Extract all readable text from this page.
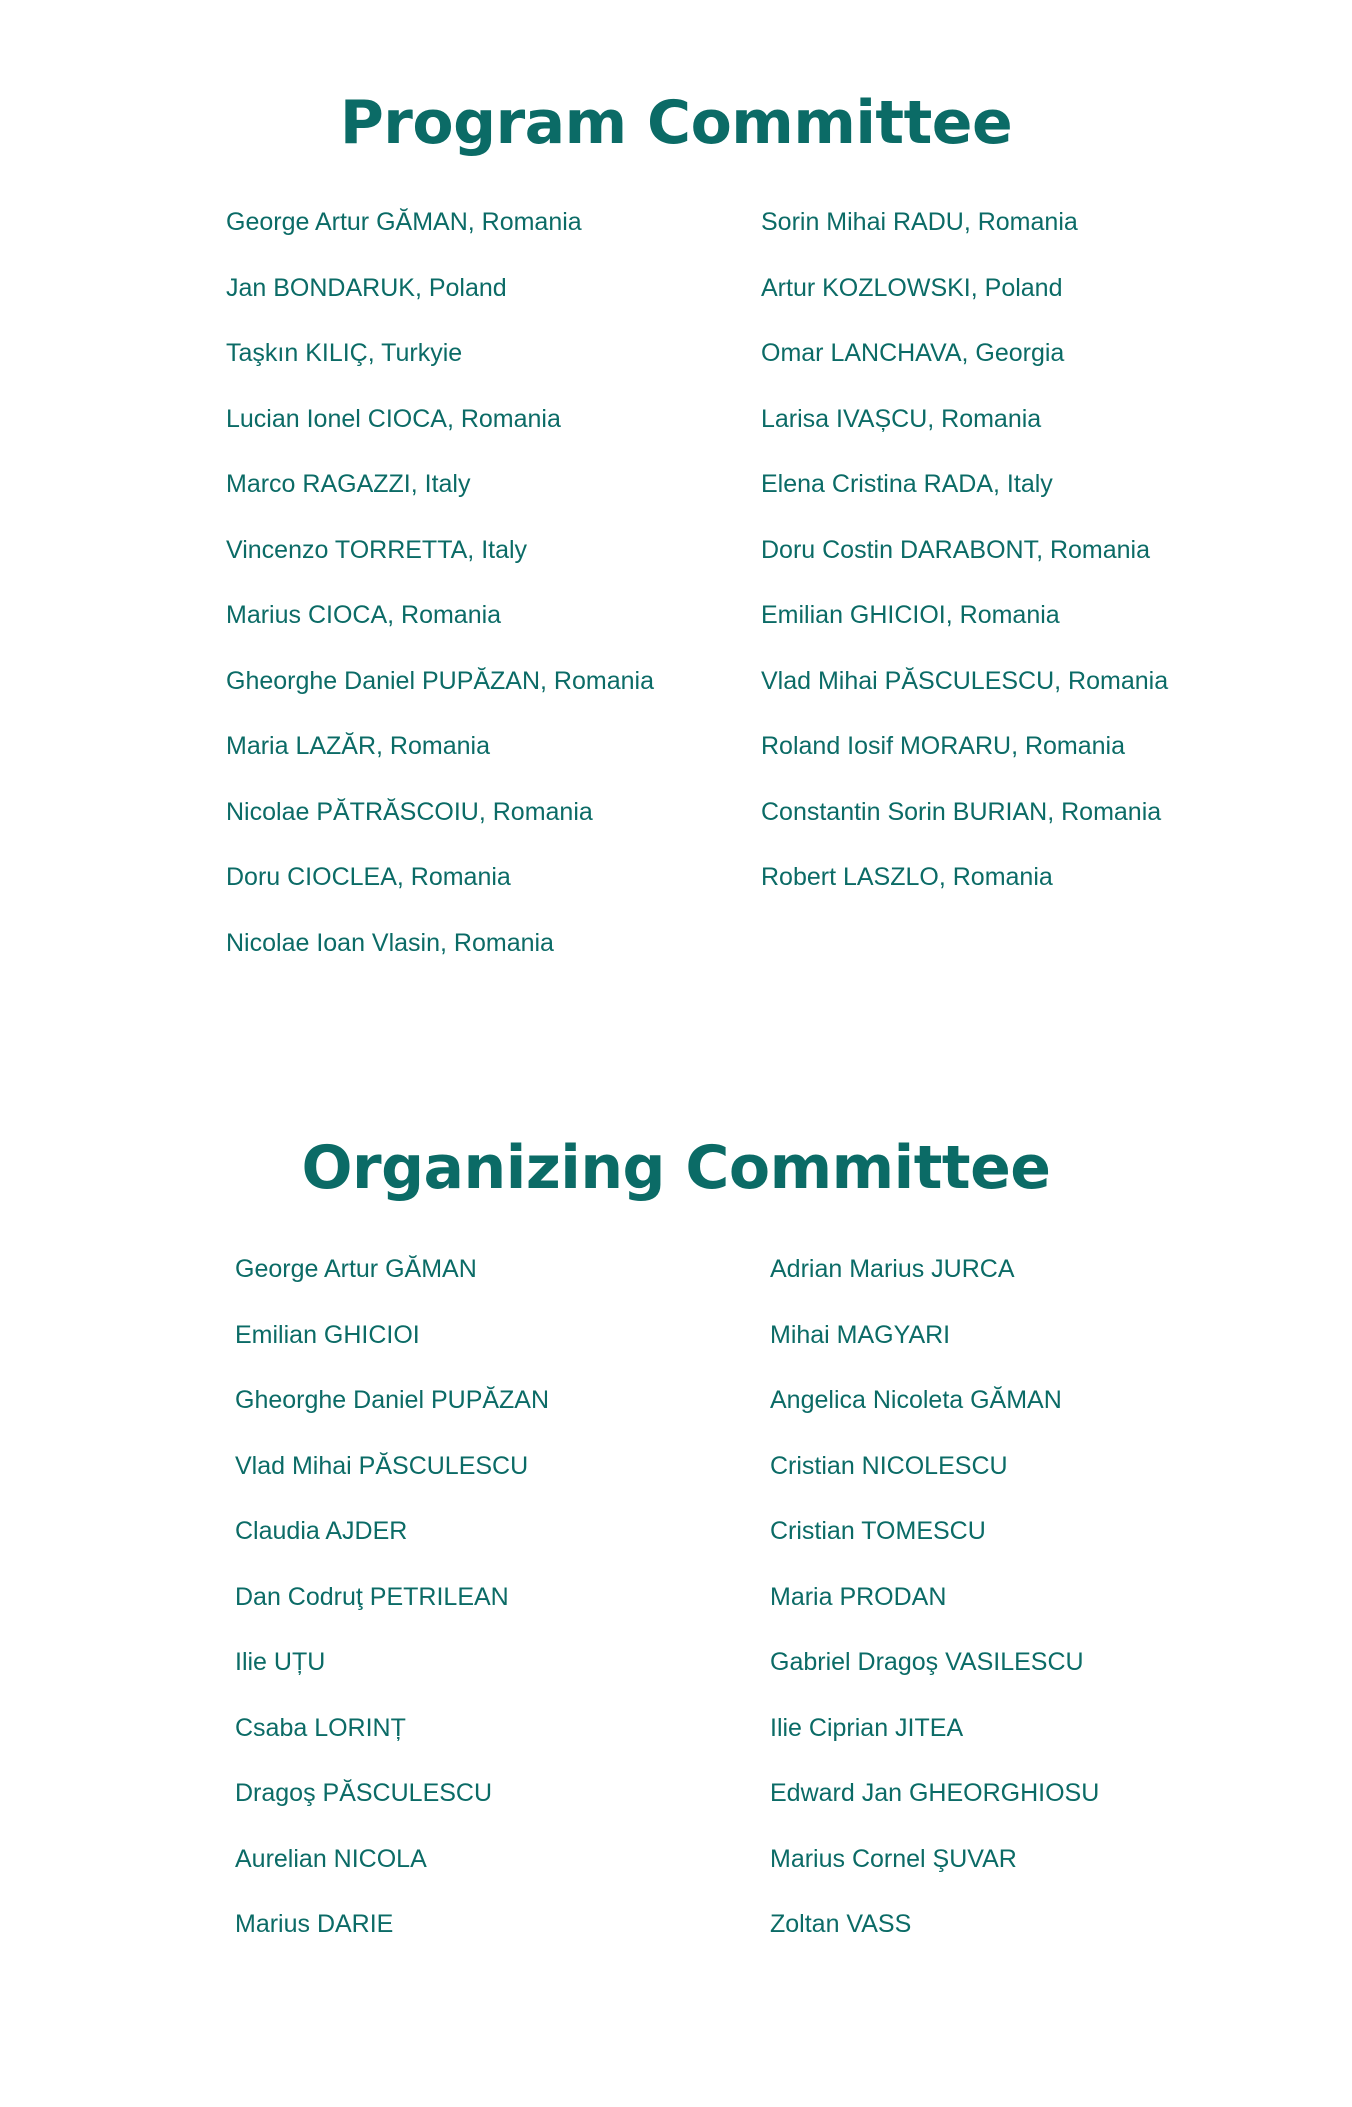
Program Committee
George Artur GĂMAN, Romania
Jan BONDARUK, Poland
Taşkın KILIÇ, Turkyie
Lucian Ionel CIOCA, Romania
Marco RAGAZZI, Italy
Vincenzo TORRETTA, Italy
Marius CIOCA, Romania
Gheorghe Daniel PUPĂZAN, Romania
Maria LAZĂR, Romania
Nicolae PĂTRĂSCOIU, Romania
Doru CIOCLEA, Romania
Nicolae Ioan Vlasin, Romania
Sorin Mihai RADU, Romania
Artur KOZLOWSKI, Poland
Omar LANCHAVA, Georgia
Larisa IVAȘCU, Romania
Elena Cristina RADA, Italy
Doru Costin DARABONT, Romania
Emilian GHICIOI, Romania
Vlad Mihai PĂSCULESCU, Romania
Roland Iosif MORARU, Romania
Constantin Sorin BURIAN, Romania
Robert LASZLO, Romania
Organizing Committee
George Artur GĂMAN
Emilian GHICIOI
Gheorghe Daniel PUPĂZAN
Vlad Mihai PĂSCULESCU
Claudia AJDER
Dan Codruţ PETRILEAN
Ilie UȚU
Csaba LORINȚ
Dragoş PĂSCULESCU
Aurelian NICOLA
Marius DARIE
Adrian Marius JURCA
Mihai MAGYARI
Angelica Nicoleta GĂMAN
Cristian NICOLESCU
Cristian TOMESCU
Maria PRODAN
Gabriel Dragoş VASILESCU
Ilie Ciprian JITEA
Edward Jan GHEORGHIOSU
Marius Cornel ŞUVAR
Zoltan VASS
